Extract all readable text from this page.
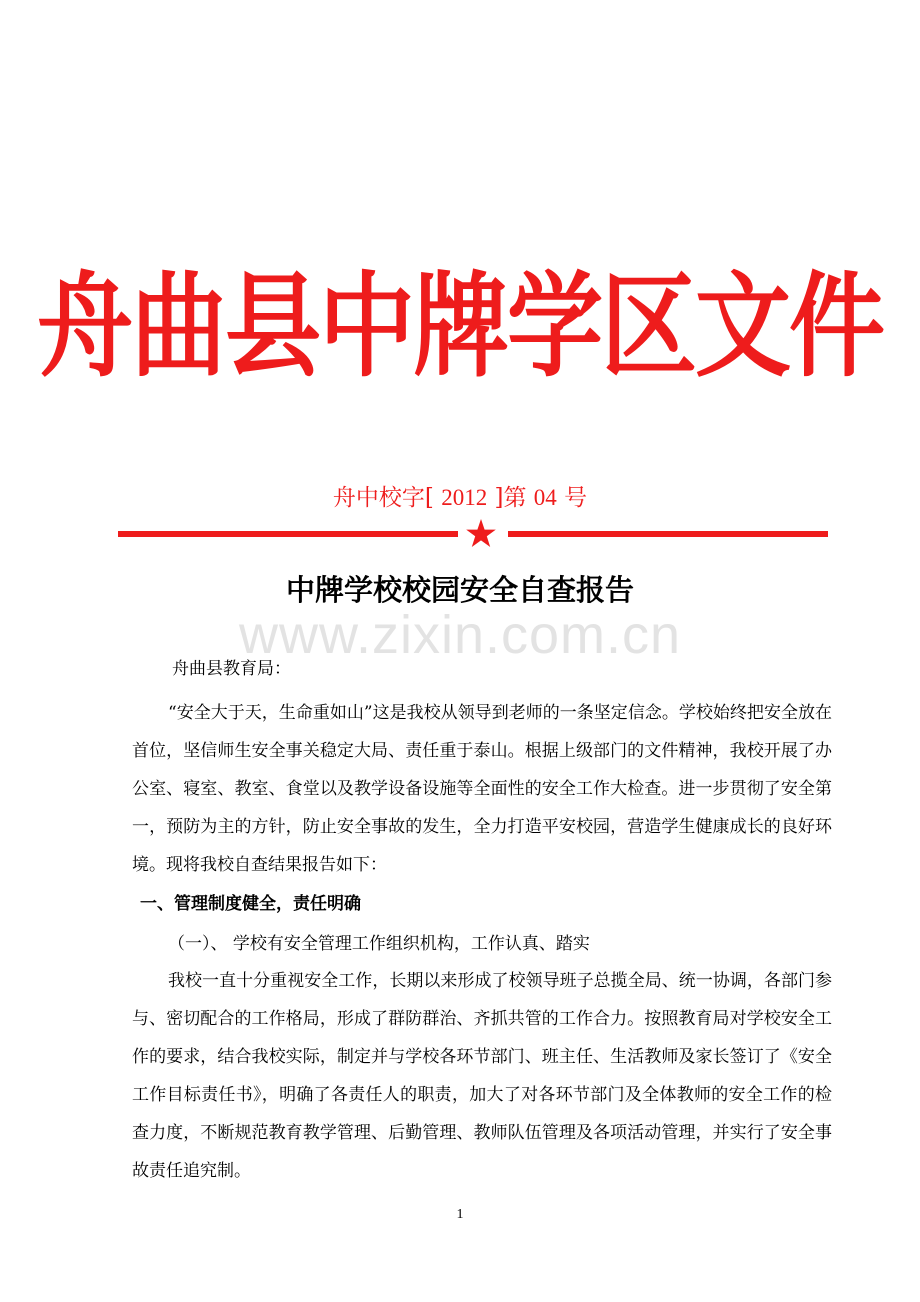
舟曲县中牌学区文件
舟中校字[ 2012 ]第 04 号
www.zixin.com.cn
中牌学校校园安全自查报告
舟曲县教育局：
“安全大于天，生命重如山”这是我校从领导到老师的一条坚定信念。学校始终把安全放在首位，坚信师生安全事关稳定大局、责任重于泰山。根据上级部门的文件精神，我校开展了办公室、寝室、教室、食堂以及教学设备设施等全面性的安全工作大检查。进一步贯彻了安全第一，预防为主的方针，防止安全事故的发生，全力打造平安校园，营造学生健康成长的良好环境。现将我校自查结果报告如下：
一、管理制度健全，责任明确
（一）、 学校有安全管理工作组织机构，工作认真、踏实
我校一直十分重视安全工作，长期以来形成了校领导班子总揽全局、统一协调，各部门参与、密切配合的工作格局，形成了群防群治、齐抓共管的工作合力。按照教育局对学校安全工作的要求，结合我校实际，制定并与学校各环节部门、班主任、生活教师及家长签订了《安全工作目标责任书》，明确了各责任人的职责，加大了对各环节部门及全体教师的安全工作的检查力度，不断规范教育教学管理、后勤管理、教师队伍管理及各项活动管理，并实行了安全事故责任追究制。
1
